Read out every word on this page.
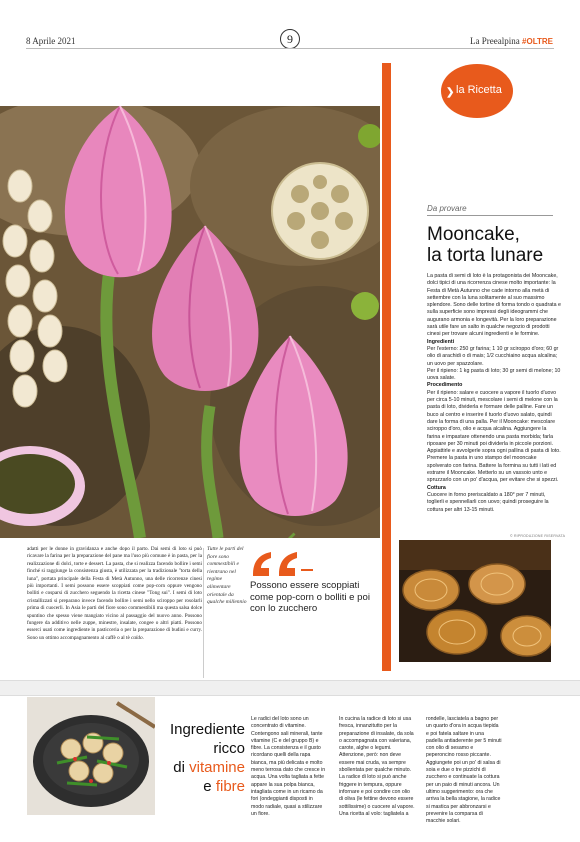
8 Aprile 2021	9	La Preealpina #OLTRE
❯ la Ricetta
Da provare
Mooncake,
la torta lunare
La pasta di semi di loto è la protagonista dei Mooncake, dolci tipici di una ricorrenza cinese molto importante: la Festa di Metà Autunno che cade intorno alla metà di settembre con la luna solitamente al suo massimo splendore. Sono delle tortine di forma tondo o quadrata e sulla superficie sono impressi degli ideogrammi che augurano armonia e longevità. Per la loro preparazione sarà utile fare un salto in qualche negozio di prodotti cinesi per trovare alcuni ingredienti e le formine.
Ingredienti
Per l'esterno: 250 gr farina; 1 10 gr sciroppo d'oro; 60 gr olio di arachidi o di mais; 1/2 cucchiaino acqua alcalina; un uovo per spazzolare.
Per il ripieno: 1 kg pasta di loto; 30 gr semi di melone; 10 uova salate.
Procedimento
Per il ripieno: salare e cuocere a vapore il tuorlo d'uovo per circa 5-10 minuti, mescolare i semi di melone con la pasta di loto, dividerla e formare delle palline. Fare un buco al centro e inserire il tuorlo d'uovo salato, quindi dare la forma di una palla. Per il Mooncake: mescolare sciroppo d'oro, olio e acqua alcalina. Aggiungere la farina e impastare ottenendo una pasta morbida; farla riposare per 30 minuti poi dividerla in piccole porzioni. Appiattirle e avvolgerle sopra ogni pallina di pasta di loto. Premere la pasta in uno stampo del mooncake spolverato con farina. Battere la formina su tutti i lati ed estrarre il Mooncake. Metterlo su un vassoio unto e spruzzarlo con un po' d'acqua, per evitare che si spezzi.
Cottura
Cuocere in forno preriscaldato a 180° per 7 minuti, toglierli e spennellarli con uovo; quindi proseguire la cottura per altri 13-15 minuti.
© RIPRODUZIONE RISERVATA
adatti per le donne in gravidanza e anche dopo il parto. Dai semi di loto si può ricavare la farina per la preparazione del pane ma l'uso più comune è in pasta, per la realizzazione di dolci, torte e dessert. La pasta, che si realizza facendo bollire i semi finché si raggiunge la consistenza giusta, è utilizzata per la tradizionale "torta della luna", portata principale della Festa di Metà Autunno, una delle ricorrenze cinesi più importanti. I semi possono essere scoppiati come pop-corn oppure vengono bolliti e cosparsi di zucchero seguendo la ricetta cinese "Tong sui". I semi di loto cristallizzati si preparano invece facendo bollire i semi nello sciroppo per rosolarli prima di cuocerli. In Asia le parti del fiore sono commestibili ma questa salsa dolce spuntino che spesso viene mangiato vicino al passaggio del nuovo anno. Possono fungere da additivo nelle zuppe, minestre, insalate, congee o altri piatti. Possono esserci usati come ingrediente in pasticceria o per la preparazione di budini e curry. Sono un ottimo accompagnamento al caffè o al tè caldo.
Tutte le parti del fiore sono commestibili e rientrano nel regime alimentare orientale da qualche millennio
Possono essere scoppiati come pop-corn o bolliti e poi con lo zucchero
Ingrediente
ricco
di vitamine
e fibre
Le radici del loto sono un concentrato di vitamine. Contengono sali minerali, tante vitamine (C e del gruppo B) e fibre. La consistenza e il gusto ricordano quelli della rapa bianca, ma più delicata e molto meno terrosa dato che cresce in acqua. Una volta tagliata a fette appare la sua polpa bianca, intagliata come in un ricamo da fori (ondeggianti disposti in modo radiale, quasi a stilizzare un fiore.
In cucina la radice di loto si usa fresca, innanzitutto per la preparazione di insalate, da sola o accompagnata con valeriana, carote, alghe o legumi. Attenzione, però: non deve essere mai cruda, va sempre sbollentata per qualche minuto. La radice di loto si può anche friggere in tempura, oppure infornare e poi condire con olio di oliva (le fettine devono essere sottilissime) o cuocere al vapore. Una ricetta al volo: tagliatela a
rondelle, lasciatela a bagno per un quarto d'ora in acqua tiepida e poi fatela saltare in una padella antiaderente per 5 minuti con olio di sesamo e peperoncino rosso piccante. Aggiungete poi un po' di salsa di soia e due o tre pizzichi di zucchero e continuate la cottura per un paio di minuti ancora. Un ultimo suggerimento: ora che arriva la bella stagione, la radice si mastica per abbronzarsi e prevenire la comparsa di macchie solari.
